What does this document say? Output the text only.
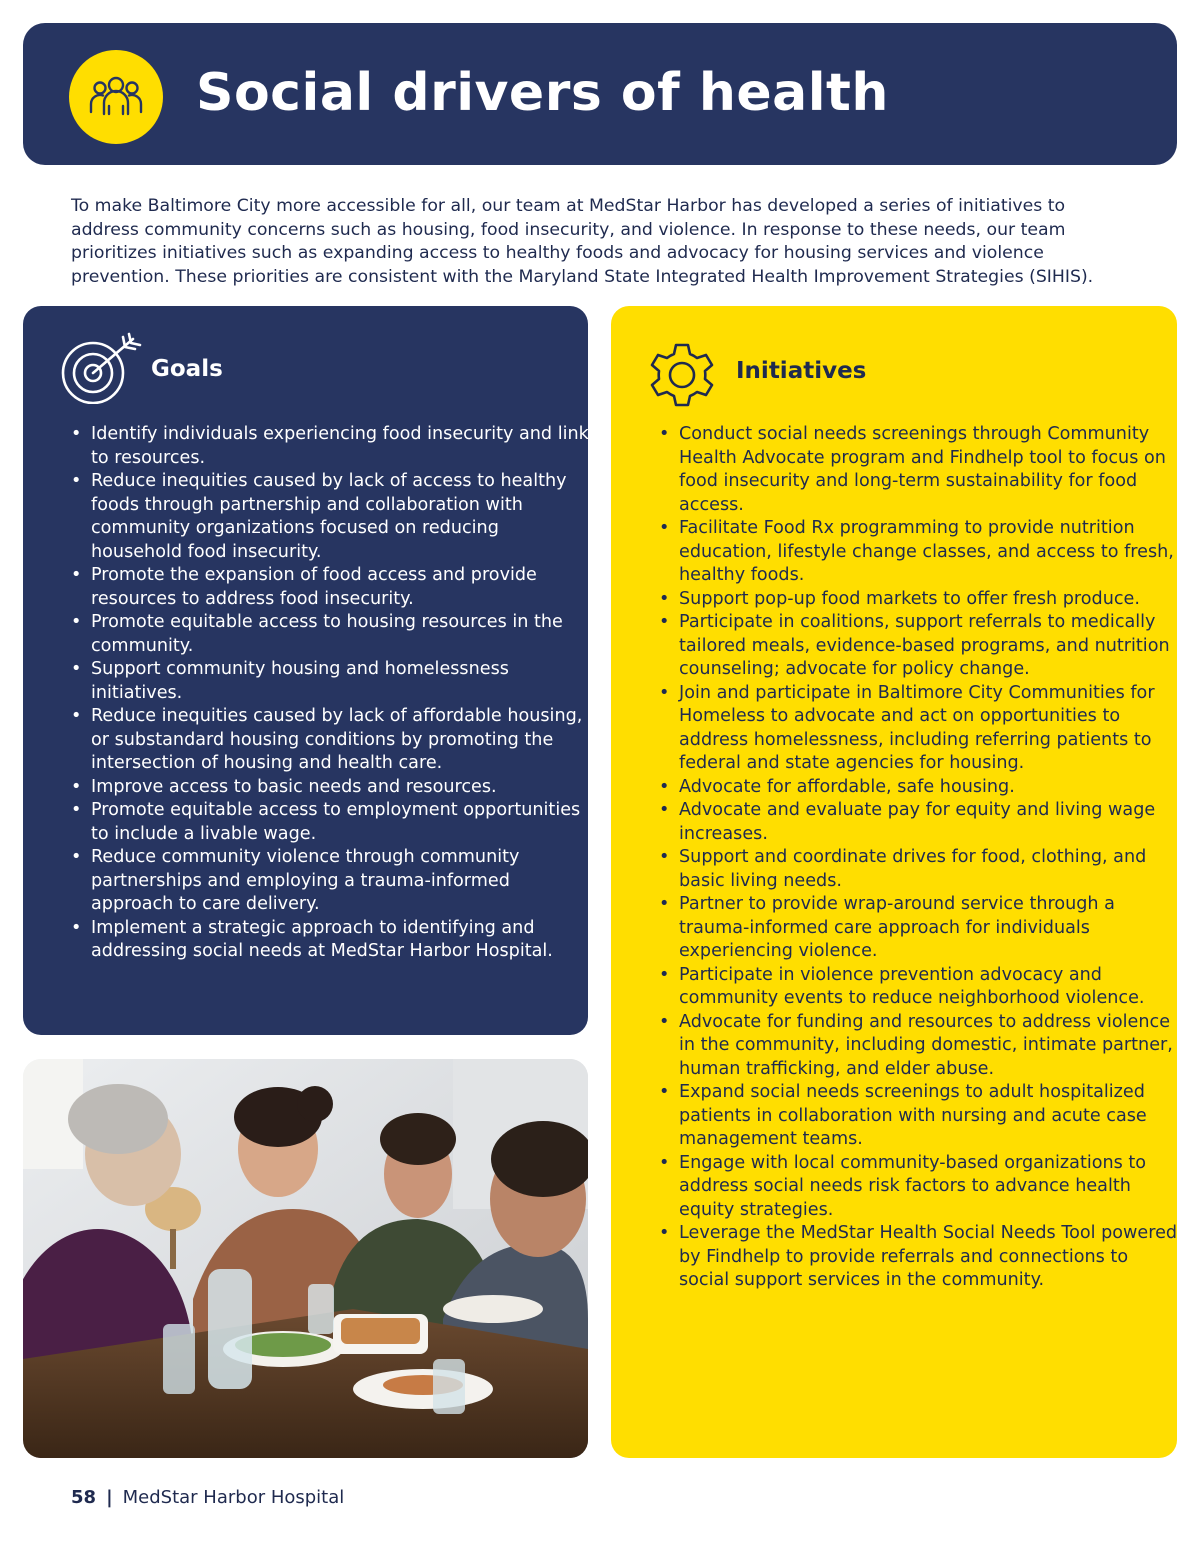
Social drivers of health

To make Baltimore City more accessible for all, our team at MedStar Harbor has developed a series of initiatives to address community concerns such as housing, food insecurity, and violence. In response to these needs, our team prioritizes initiatives such as expanding access to healthy foods and advocacy for housing services and violence prevention. These priorities are consistent with the Maryland State Integrated Health Improvement Strategies (SIHIS).

Goals
• Identify individuals experiencing food insecurity and link to resources.
• Reduce inequities caused by lack of access to healthy foods through partnership and collaboration with community organizations focused on reducing household food insecurity.
• Promote the expansion of food access and provide resources to address food insecurity.
• Promote equitable access to housing resources in the community.
• Support community housing and homelessness initiatives.
• Reduce inequities caused by lack of affordable housing, or substandard housing conditions by promoting the intersection of housing and health care.
• Improve access to basic needs and resources.
• Promote equitable access to employment opportunities to include a livable wage.
• Reduce community violence through community partnerships and employing a trauma-informed approach to care delivery.
• Implement a strategic approach to identifying and addressing social needs at MedStar Harbor Hospital.
Initiatives
• Conduct social needs screenings through Community Health Advocate program and Findhelp tool to focus on food insecurity and long-term sustainability for food access.
• Facilitate Food Rx programming to provide nutrition education, lifestyle change classes, and access to fresh, healthy foods.
• Support pop-up food markets to offer fresh produce.
• Participate in coalitions, support referrals to medically tailored meals, evidence-based programs, and nutrition counseling; advocate for policy change.
• Join and participate in Baltimore City Communities for Homeless to advocate and act on opportunities to address homelessness, including referring patients to federal and state agencies for housing.
• Advocate for affordable, safe housing.
• Advocate and evaluate pay for equity and living wage increases.
• Support and coordinate drives for food, clothing, and basic living needs.
• Partner to provide wrap-around service through a trauma-informed care approach for individuals experiencing violence.
• Participate in violence prevention advocacy and community events to reduce neighborhood violence.
• Advocate for funding and resources to address violence in the community, including domestic, intimate partner, human trafficking, and elder abuse.
• Expand social needs screenings to adult hospitalized patients in collaboration with nursing and acute case management teams.
• Engage with local community-based organizations to address social needs risk factors to advance health equity strategies.
• Leverage the MedStar Health Social Needs Tool powered by Findhelp to provide referrals and connections to social support services in the community.
58 | MedStar Harbor Hospital
